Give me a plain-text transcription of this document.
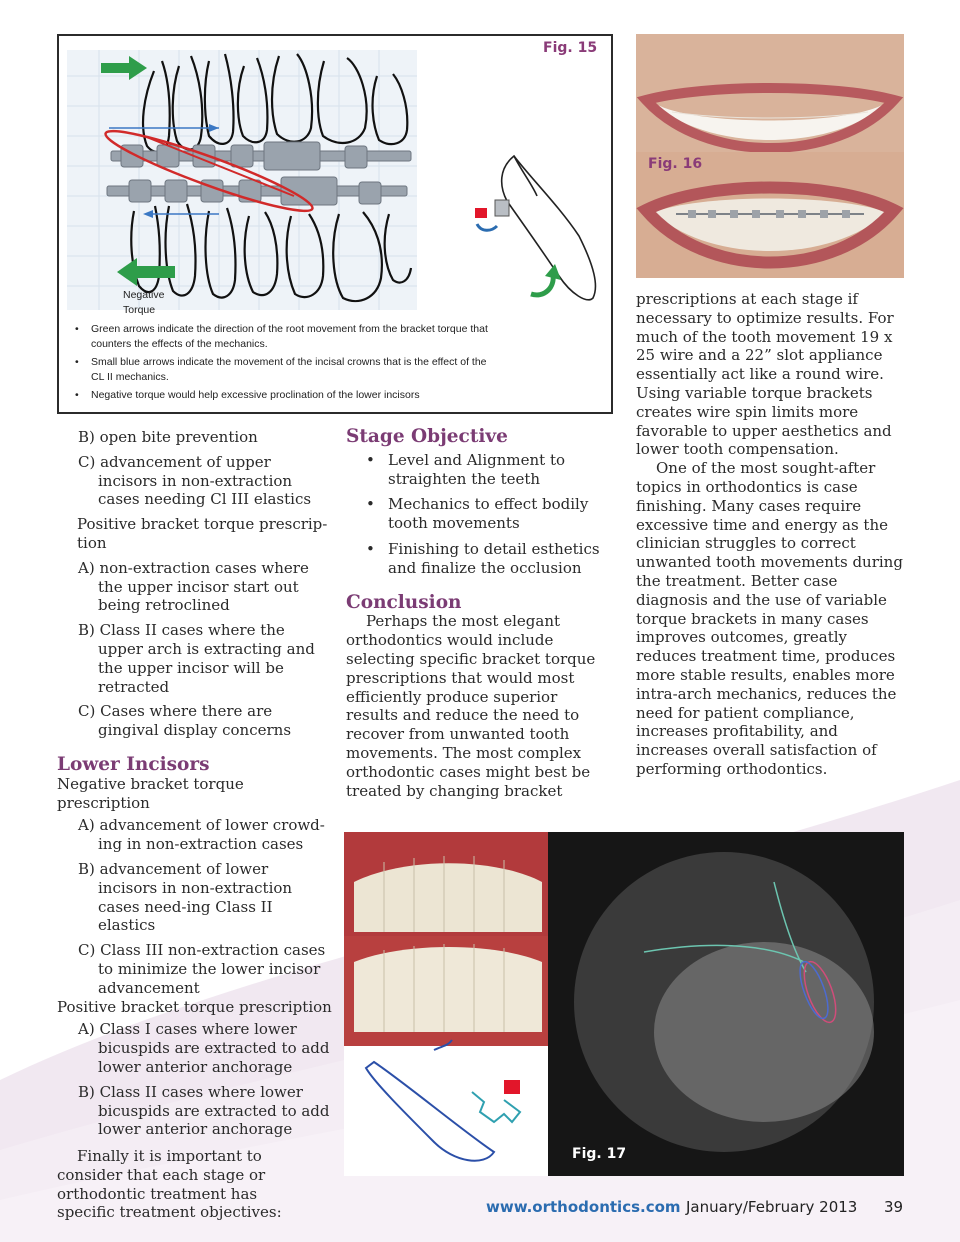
Fig. 15
Negative
Torque
• Green arrows indicate the direction of the root movement from the bracket torque that counters the effects of the mechanics.
• Small blue arrows indicate the movement of the incisal crowns that is the effect of the CL II mechanics.
• Negative torque would help excessive proclination of the lower incisors
Fig. 16
Fig. 17

B) open bite prevention

C) advancement of upper incisors in non-extraction cases needing Cl III elastics

Positive bracket torque prescrip-tion

A) non-extraction cases where the upper incisor start out being retroclined

B) Class II cases where the upper arch is extracting and the upper incisor will be retracted

C) Cases where there are gingival display concerns

Lower Incisors

Negative bracket torque prescription

A) advancement of lower crowd-ing in non-extraction cases

B) advancement of lower incisors in non-extraction cases need-ing Class II elastics

C) Class III non-extraction cases to minimize the lower incisor advancement

Positive bracket torque prescription

A) Class I cases where lower bicuspids are extracted to add lower anterior anchorage

B) Class II cases where lower bicuspids are extracted to add lower anterior anchorage

Finally it is important to consider that each stage or orthodontic treatment has specific treatment objectives:

Stage Objective

• Level and Alignment to straighten the teeth

• Mechanics to effect bodily tooth movements

• Finishing to detail esthetics and finalize the occlusion

Conclusion

Perhaps the most elegant orthodontics would include selecting specific bracket torque prescriptions that would most efficiently produce superior results and reduce the need to recover from unwanted tooth movements. The most complex orthodontic cases might best be treated by changing bracket

prescriptions at each stage if necessary to optimize results. For much of the tooth movement 19 x 25 wire and a 22” slot appliance essentially act like a round wire. Using variable torque brackets creates wire spin limits more favorable to upper aesthetics and lower tooth compensation.

One of the most sought-after topics in orthodontics is case finishing. Many cases require excessive time and energy as the clinician struggles to correct unwanted tooth movements during the treatment. Better case diagnosis and the use of variable torque brackets in many cases improves outcomes, greatly reduces treatment time, produces more stable results, enables more intra-arch mechanics, reduces the need for patient compliance, increases profitability, and increases overall satisfaction of performing orthodontics.

www.orthodontics.com January/February 2013 39
